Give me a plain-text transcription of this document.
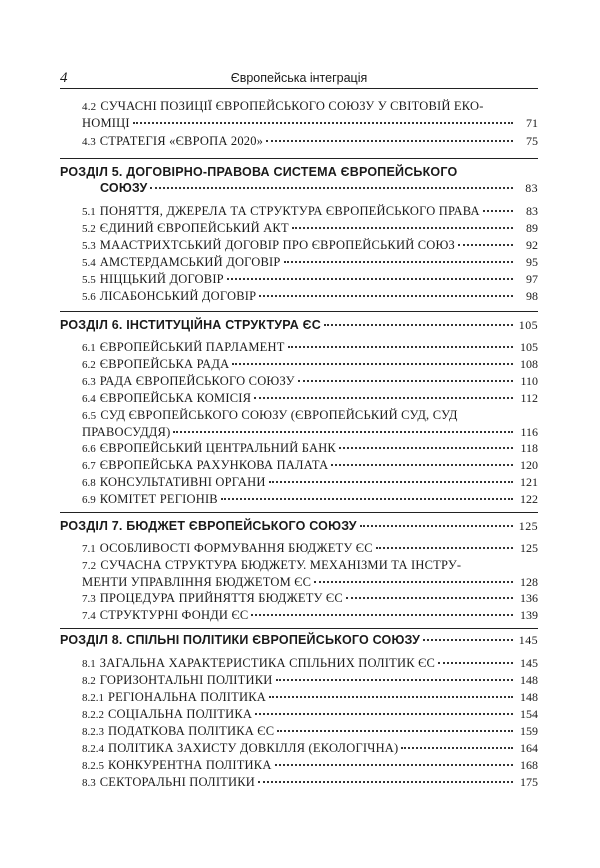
4	Європейська інтеграція
4.2 СУЧАСНІ ПОЗИЦІЇ ЄВРОПЕЙСЬКОГО СОЮЗУ У СВІТОВІЙ ЕКО-
НОМІЦІ	71
4.3 СТРАТЕГІЯ «ЄВРОПА 2020»	75
РОЗДІЛ 5. ДОГОВІРНО-ПРАВОВА СИСТЕМА ЄВРОПЕЙСЬКОГО
СОЮЗУ	83
5.1 ПОНЯТТЯ, ДЖЕРЕЛА ТА СТРУКТУРА ЄВРОПЕЙСЬКОГО ПРАВА	83
5.2 ЄДИНИЙ ЄВРОПЕЙСЬКИЙ АКТ	89
5.3 МААСТРИХТСЬКИЙ ДОГОВІР ПРО ЄВРОПЕЙСЬКИЙ СОЮЗ	92
5.4 АМСТЕРДАМСЬКИЙ ДОГОВІР	95
5.5 НІЦЦЬКИЙ ДОГОВІР	97
5.6 ЛІСАБОНСЬКИЙ ДОГОВІР	98
РОЗДІЛ 6. ІНСТИТУЦІЙНА СТРУКТУРА ЄС	105
6.1 ЄВРОПЕЙСЬКИЙ ПАРЛАМЕНТ	105
6.2 ЄВРОПЕЙСЬКА РАДА	108
6.3 РАДА ЄВРОПЕЙСЬКОГО СОЮЗУ	110
6.4 ЄВРОПЕЙСЬКА КОМІСІЯ	112
6.5 СУД ЄВРОПЕЙСЬКОГО СОЮЗУ (ЄВРОПЕЙСЬКИЙ СУД, СУД
ПРАВОСУДДЯ)	116
6.6 ЄВРОПЕЙСЬКИЙ ЦЕНТРАЛЬНИЙ БАНК	118
6.7 ЄВРОПЕЙСЬКА РАХУНКОВА ПАЛАТА	120
6.8 КОНСУЛЬТАТИВНІ ОРГАНИ	121
6.9 КОМІТЕТ РЕГІОНІВ	122
РОЗДІЛ 7. БЮДЖЕТ ЄВРОПЕЙСЬКОГО СОЮЗУ	125
7.1 ОСОБЛИВОСТІ ФОРМУВАННЯ БЮДЖЕТУ ЄС	125
7.2 СУЧАСНА СТРУКТУРА БЮДЖЕТУ. МЕХАНІЗМИ ТА ІНСТРУ-
МЕНТИ УПРАВЛІННЯ БЮДЖЕТОМ ЄС	128
7.3 ПРОЦЕДУРА ПРИЙНЯТТЯ БЮДЖЕТУ ЄС	136
7.4 СТРУКТУРНІ ФОНДИ ЄС	139
РОЗДІЛ 8. СПІЛЬНІ ПОЛІТИКИ ЄВРОПЕЙСЬКОГО СОЮЗУ	145
8.1 ЗАГАЛЬНА ХАРАКТЕРИСТИКА СПІЛЬНИХ ПОЛІТИК ЄС	145
8.2 ГОРИЗОНТАЛЬНІ ПОЛІТИКИ	148
8.2.1 РЕГІОНАЛЬНА ПОЛІТИКА	148
8.2.2 СОЦІАЛЬНА ПОЛІТИКА	154
8.2.3 ПОДАТКОВА ПОЛІТИКА ЄС	159
8.2.4 ПОЛІТИКА ЗАХИСТУ ДОВКІЛЛЯ (ЕКОЛОГІЧНА)	164
8.2.5 КОНКУРЕНТНА ПОЛІТИКА	168
8.3 СЕКТОРАЛЬНІ ПОЛІТИКИ	175
